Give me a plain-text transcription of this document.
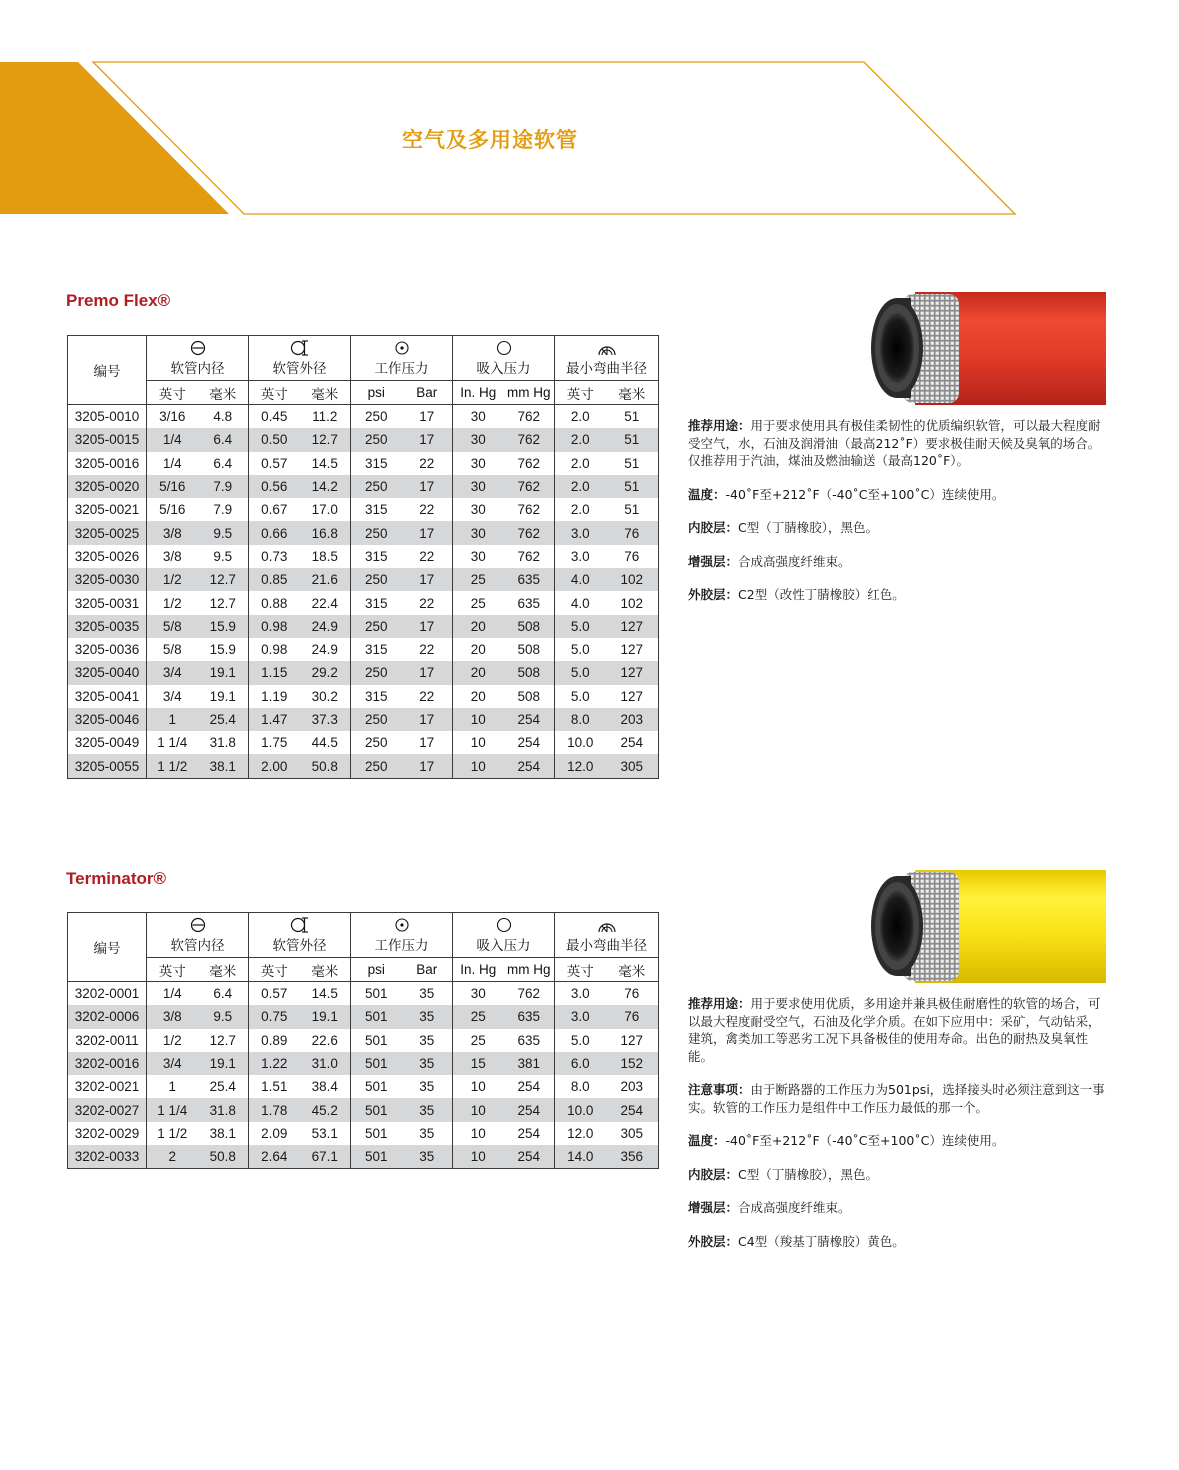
空气及多用途软管
Premo Flex®
编号	软管内径		软管外径		工作压力		吸入压力		最小弯曲半径	
	英寸	毫米	英寸	毫米	psi	Bar	In. Hg	mm Hg	英寸	毫米
3205-0010	3/16	4.8	0.45	11.2	250	17	30	762	2.0	51
3205-0015	1/4	6.4	0.50	12.7	250	17	30	762	2.0	51
3205-0016	1/4	6.4	0.57	14.5	315	22	30	762	2.0	51
3205-0020	5/16	7.9	0.56	14.2	250	17	30	762	2.0	51
3205-0021	5/16	7.9	0.67	17.0	315	22	30	762	2.0	51
3205-0025	3/8	9.5	0.66	16.8	250	17	30	762	3.0	76
3205-0026	3/8	9.5	0.73	18.5	315	22	30	762	3.0	76
3205-0030	1/2	12.7	0.85	21.6	250	17	25	635	4.0	102
3205-0031	1/2	12.7	0.88	22.4	315	22	25	635	4.0	102
3205-0035	5/8	15.9	0.98	24.9	250	17	20	508	5.0	127
3205-0036	5/8	15.9	0.98	24.9	315	22	20	508	5.0	127
3205-0040	3/4	19.1	1.15	29.2	250	17	20	508	5.0	127
3205-0041	3/4	19.1	1.19	30.2	315	22	20	508	5.0	127
3205-0046	1	25.4	1.47	37.3	250	17	10	254	8.0	203
3205-0049	1 1/4	31.8	1.75	44.5	250	17	10	254	10.0	254
3205-0055	1 1/2	38.1	2.00	50.8	250	17	10	254	12.0	305

推荐用途：用于要求使用具有极佳柔韧性的优质编织软管，可以最大程度耐受空气，水，石油及润滑油（最高212˚F）要求极佳耐天候及臭氧的场合。仅推荐用于汽油，煤油及燃油输送（最高120˚F）。

温度：-40˚F至+212˚F（-40˚C至+100˚C）连续使用。

内胶层：C型（丁腈橡胶），黑色。

增强层：合成高强度纤维束。

外胶层：C2型（改性丁腈橡胶）红色。

Terminator®
编号	软管内径		软管外径		工作压力		吸入压力		最小弯曲半径	
	英寸	毫米	英寸	毫米	psi	Bar	In. Hg	mm Hg	英寸	毫米
3202-0001	1/4	6.4	0.57	14.5	501	35	30	762	3.0	76
3202-0006	3/8	9.5	0.75	19.1	501	35	25	635	3.0	76
3202-0011	1/2	12.7	0.89	22.6	501	35	25	635	5.0	127
3202-0016	3/4	19.1	1.22	31.0	501	35	15	381	6.0	152
3202-0021	1	25.4	1.51	38.4	501	35	10	254	8.0	203
3202-0027	1 1/4	31.8	1.78	45.2	501	35	10	254	10.0	254
3202-0029	1 1/2	38.1	2.09	53.1	501	35	10	254	12.0	305
3202-0033	2	50.8	2.64	67.1	501	35	10	254	14.0	356

推荐用途：用于要求使用优质，多用途并兼具极佳耐磨性的软管的场合，可以最大程度耐受空气，石油及化学介质。在如下应用中：采矿，气动钻采，建筑，禽类加工等恶劣工况下具备极佳的使用寿命。出色的耐热及臭氧性能。

注意事项：由于断路器的工作压力为501psi，选择接头时必须注意到这一事实。软管的工作压力是组件中工作压力最低的那一个。

温度：-40˚F至+212˚F（-40˚C至+100˚C）连续使用。

内胶层：C型（丁腈橡胶），黑色。

增强层：合成高强度纤维束。

外胶层：C4型（羧基丁腈橡胶）黄色。
